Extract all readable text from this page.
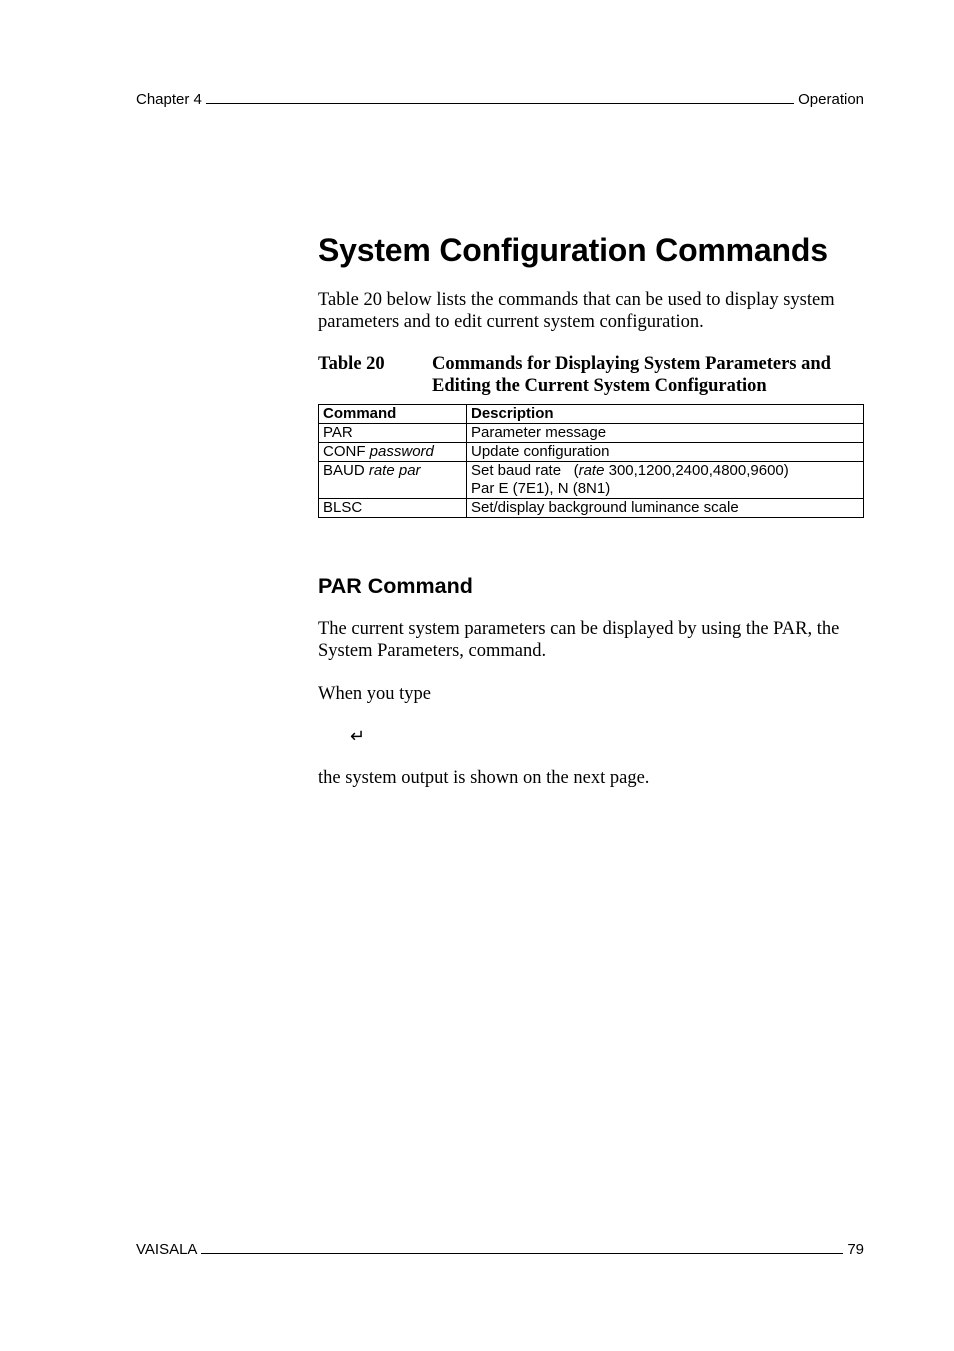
Chapter 4	Operation
System Configuration Commands

Table 20 below lists the commands that can be used to display system parameters and to edit current system configuration.

Table 20	Commands for Displaying System Parameters and
Editing the Current System Configuration
Command	Description
PAR	Parameter message
CONF password	Update configuration
BAUD rate par	Set baud rate   (rate 300,1200,2400,4800,9600)
Par E (7E1), N (8N1)
BLSC	Set/display background luminance scale
PAR Command

The current system parameters can be displayed by using the PAR, the System Parameters, command.

When you type

↵

the system output is shown on the next page.

VAISALA	79
